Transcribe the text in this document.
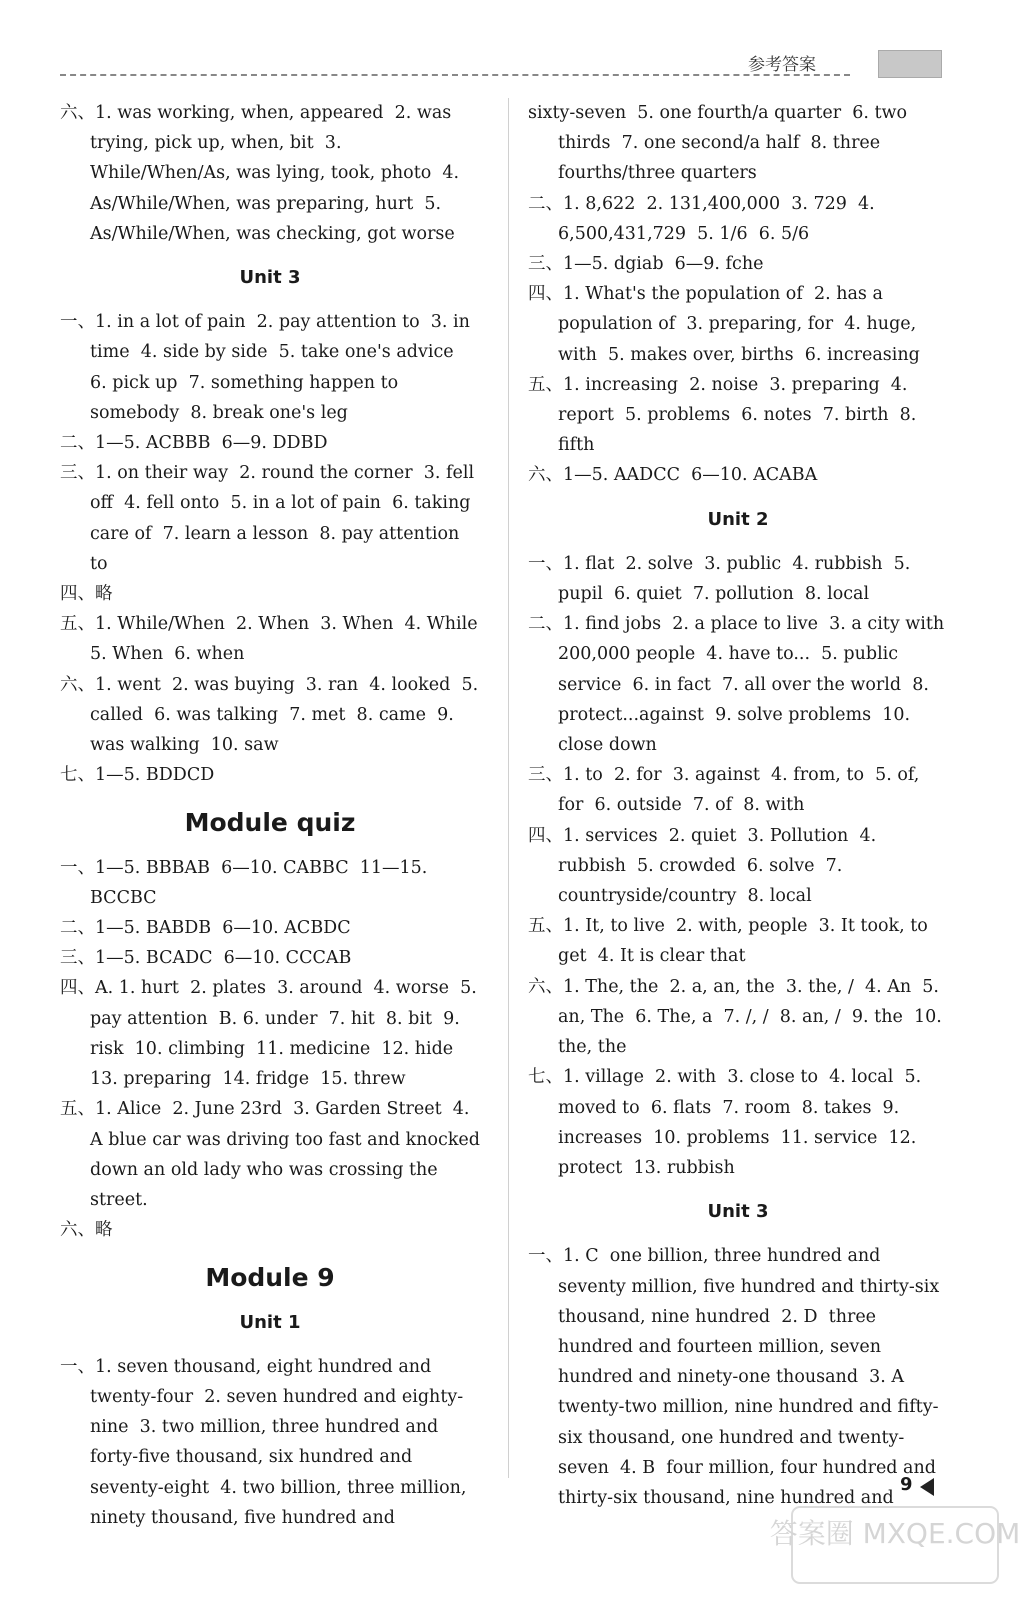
参考答案

六、1. was working, when, appeared  2. was trying, pick up, when, bit  3. While/When/As, was lying, took, photo  4. As/While/When, was preparing, hurt  5. As/While/When, was checking, got worse

Unit 3

一、1. in a lot of pain  2. pay attention to  3. in time  4. side by side  5. take one's advice  6. pick up  7. something happen to somebody  8. break one's leg

二、1—5. ACBBB  6—9. DDBD

三、1. on their way  2. round the corner  3. fell off  4. fell onto  5. in a lot of pain  6. taking care of  7. learn a lesson  8. pay attention to

四、略

五、1. While/When  2. When  3. When  4. While  5. When  6. when

六、1. went  2. was buying  3. ran  4. looked  5. called  6. was talking  7. met  8. came  9. was walking  10. saw

七、1—5. BDDCD

Module quiz

一、1—5. BBBAB  6—10. CABBC  11—15. BCCBC

二、1—5. BABDB  6—10. ACBDC

三、1—5. BCADC  6—10. CCCAB

四、A. 1. hurt  2. plates  3. around  4. worse  5. pay attention  B. 6. under  7. hit  8. bit  9. risk  10. climbing  11. medicine  12. hide  13. preparing  14. fridge  15. threw

五、1. Alice  2. June 23rd  3. Garden Street  4. A blue car was driving too fast and knocked down an old lady who was crossing the street.

六、略

Module 9
Unit 1

一、1. seven thousand, eight hundred and twenty-four  2. seven hundred and eighty-nine  3. two million, three hundred and forty-five thousand, six hundred and seventy-eight  4. two billion, three million, ninety thousand, five hundred and

sixty-seven  5. one fourth/a quarter  6. two thirds  7. one second/a half  8. three fourths/three quarters

二、1. 8,622  2. 131,400,000  3. 729  4. 6,500,431,729  5. 1/6  6. 5/6

三、1—5. dgiab  6—9. fche

四、1. What's the population of  2. has a population of  3. preparing, for  4. huge, with  5. makes over, births  6. increasing

五、1. increasing  2. noise  3. preparing  4. report  5. problems  6. notes  7. birth  8. fifth

六、1—5. AADCC  6—10. ACABA

Unit 2

一、1. flat  2. solve  3. public  4. rubbish  5. pupil  6. quiet  7. pollution  8. local

二、1. find jobs  2. a place to live  3. a city with 200,000 people  4. have to...  5. public service  6. in fact  7. all over the world  8. protect...against  9. solve problems  10. close down

三、1. to  2. for  3. against  4. from, to  5. of, for  6. outside  7. of  8. with

四、1. services  2. quiet  3. Pollution  4. rubbish  5. crowded  6. solve  7. countryside/country  8. local

五、1. It, to live  2. with, people  3. It took, to get  4. It is clear that

六、1. The, the  2. a, an, the  3. the, /  4. An  5. an, The  6. The, a  7. /, /  8. an, /  9. the  10. the, the

七、1. village  2. with  3. close to  4. local  5. moved to  6. flats  7. room  8. takes  9. increases  10. problems  11. service  12. protect  13. rubbish

Unit 3

一、1. C  one billion, three hundred and seventy million, five hundred and thirty-six thousand, nine hundred  2. D  three hundred and fourteen million, seven hundred and ninety-one thousand  3. A  twenty-two million, nine hundred and fifty-six thousand, one hundred and twenty-seven  4. B  four million, four hundred and thirty-six thousand, nine hundred and

9
答案圈 MXQE.COM
